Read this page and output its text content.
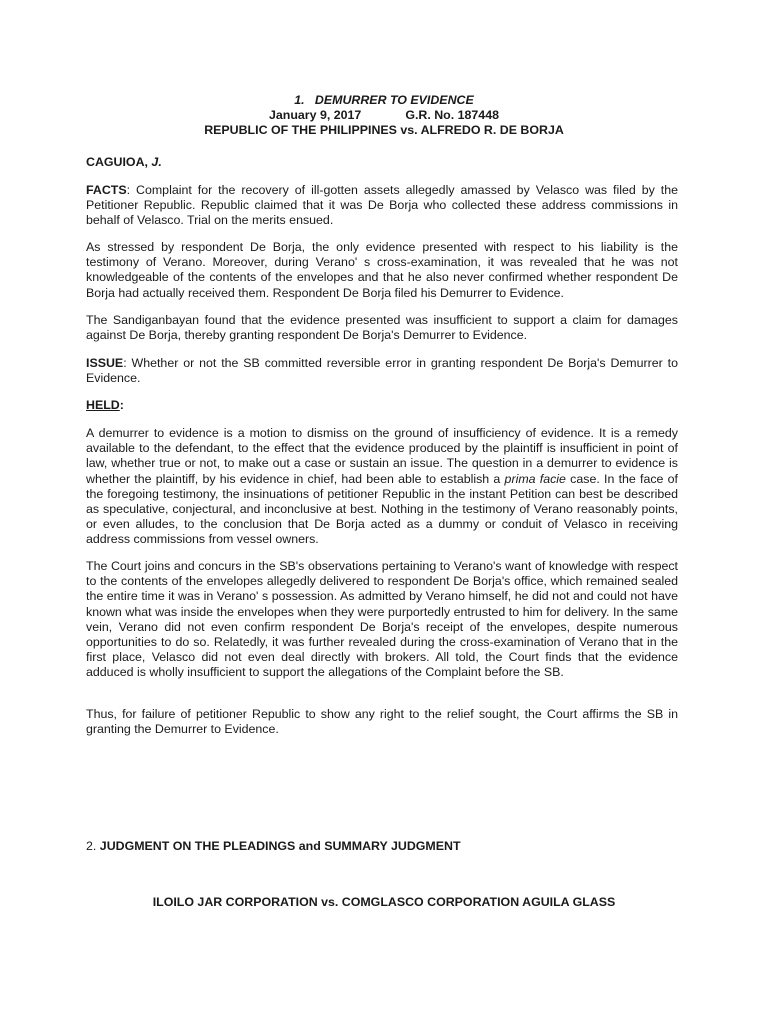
1. DEMURRER TO EVIDENCE

January 9, 2017	G.R. No. 187448

REPUBLIC OF THE PHILIPPINES vs. ALFREDO R. DE BORJA

CAGUIOA, J.

FACTS: Complaint for the recovery of ill-gotten assets allegedly amassed by Velasco was filed by the Petitioner Republic. Republic claimed that it was De Borja who collected these address commissions in behalf of Velasco. Trial on the merits ensued.

As stressed by respondent De Borja, the only evidence presented with respect to his liability is the testimony of Verano. Moreover, during Verano' s cross-examination, it was revealed that he was not knowledgeable of the contents of the envelopes and that he also never confirmed whether respondent De Borja had actually received them. Respondent De Borja filed his Demurrer to Evidence.

The Sandiganbayan found that the evidence presented was insufficient to support a claim for damages against De Borja, thereby granting respondent De Borja's Demurrer to Evidence.

ISSUE: Whether or not the SB committed reversible error in granting respondent De Borja's Demurrer to Evidence.

HELD:

A demurrer to evidence is a motion to dismiss on the ground of insufficiency of evidence. It is a remedy available to the defendant, to the effect that the evidence produced by the plaintiff is insufficient in point of law, whether true or not, to make out a case or sustain an issue. The question in a demurrer to evidence is whether the plaintiff, by his evidence in chief, had been able to establish a prima facie case. In the face of the foregoing testimony, the insinuations of petitioner Republic in the instant Petition can best be described as speculative, conjectural, and inconclusive at best. Nothing in the testimony of Verano reasonably points, or even alludes, to the conclusion that De Borja acted as a dummy or conduit of Velasco in receiving address commissions from vessel owners.

The Court joins and concurs in the SB's observations pertaining to Verano's want of knowledge with respect to the contents of the envelopes allegedly delivered to respondent De Borja's office, which remained sealed the entire time it was in Verano' s possession. As admitted by Verano himself, he did not and could not have known what was inside the envelopes when they were purportedly entrusted to him for delivery. In the same vein, Verano did not even confirm respondent De Borja's receipt of the envelopes, despite numerous opportunities to do so. Relatedly, it was further revealed during the cross-examination of Verano that in the first place, Velasco did not even deal directly with brokers. All told, the Court finds that the evidence adduced is wholly insufficient to support the allegations of the Complaint before the SB.

Thus, for failure of petitioner Republic to show any right to the relief sought, the Court affirms the SB in granting the Demurrer to Evidence.

2. JUDGMENT ON THE PLEADINGS and SUMMARY JUDGMENT

ILOILO JAR CORPORATION vs. COMGLASCO CORPORATION AGUILA GLASS
